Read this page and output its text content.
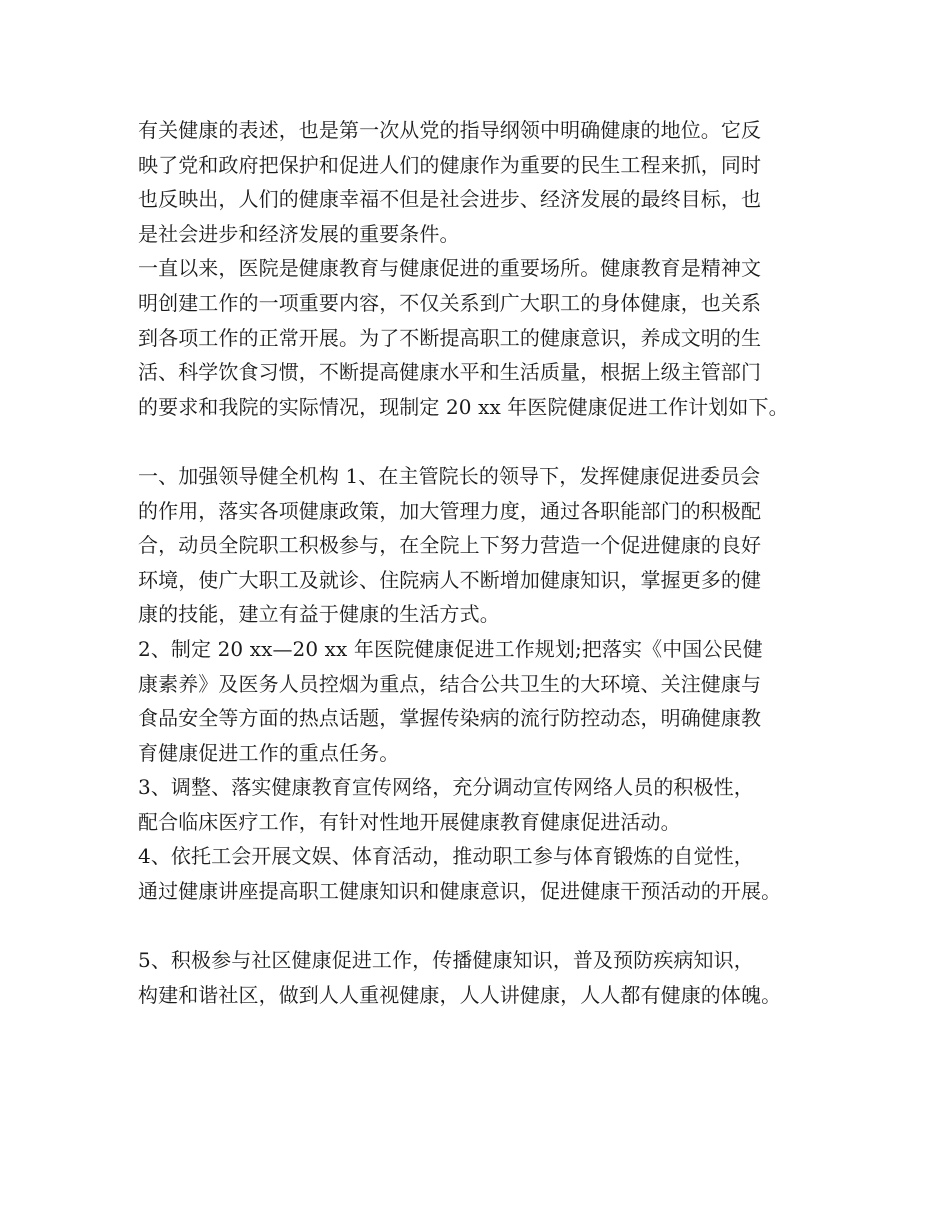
有关健康的表述，也是第一次从党的指导纲领中明确健康的地位。它反
映了党和政府把保护和促进人们的健康作为重要的民生工程来抓，同时
也反映出，人们的健康幸福不但是社会进步、经济发展的最终目标，也
是社会进步和经济发展的重要条件。
一直以来，医院是健康教育与健康促进的重要场所。健康教育是精神文
明创建工作的一项重要内容，不仅关系到广大职工的身体健康，也关系
到各项工作的正常开展。为了不断提高职工的健康意识，养成文明的生
活、科学饮食习惯，不断提高健康水平和生活质量，根据上级主管部门
的要求和我院的实际情况，现制定 20 xx 年医院健康促进工作计划如下。
一、加强领导健全机构 1、在主管院长的领导下，发挥健康促进委员会
的作用，落实各项健康政策，加大管理力度，通过各职能部门的积极配
合，动员全院职工积极参与，在全院上下努力营造一个促进健康的良好
环境，使广大职工及就诊、住院病人不断增加健康知识，掌握更多的健
康的技能，建立有益于健康的生活方式。
2、制定 20 xx—20 xx 年医院健康促进工作规划;把落实《中国公民健
康素养》及医务人员控烟为重点，结合公共卫生的大环境、关注健康与
食品安全等方面的热点话题，掌握传染病的流行防控动态，明确健康教
育健康促进工作的重点任务。
3、调整、落实健康教育宣传网络，充分调动宣传网络人员的积极性，
配合临床医疗工作，有针对性地开展健康教育健康促进活动。
4、依托工会开展文娱、体育活动，推动职工参与体育锻炼的自觉性，
通过健康讲座提高职工健康知识和健康意识，促进健康干预活动的开展。
5、积极参与社区健康促进工作，传播健康知识，普及预防疾病知识，
构建和谐社区，做到人人重视健康，人人讲健康，人人都有健康的体魄。
